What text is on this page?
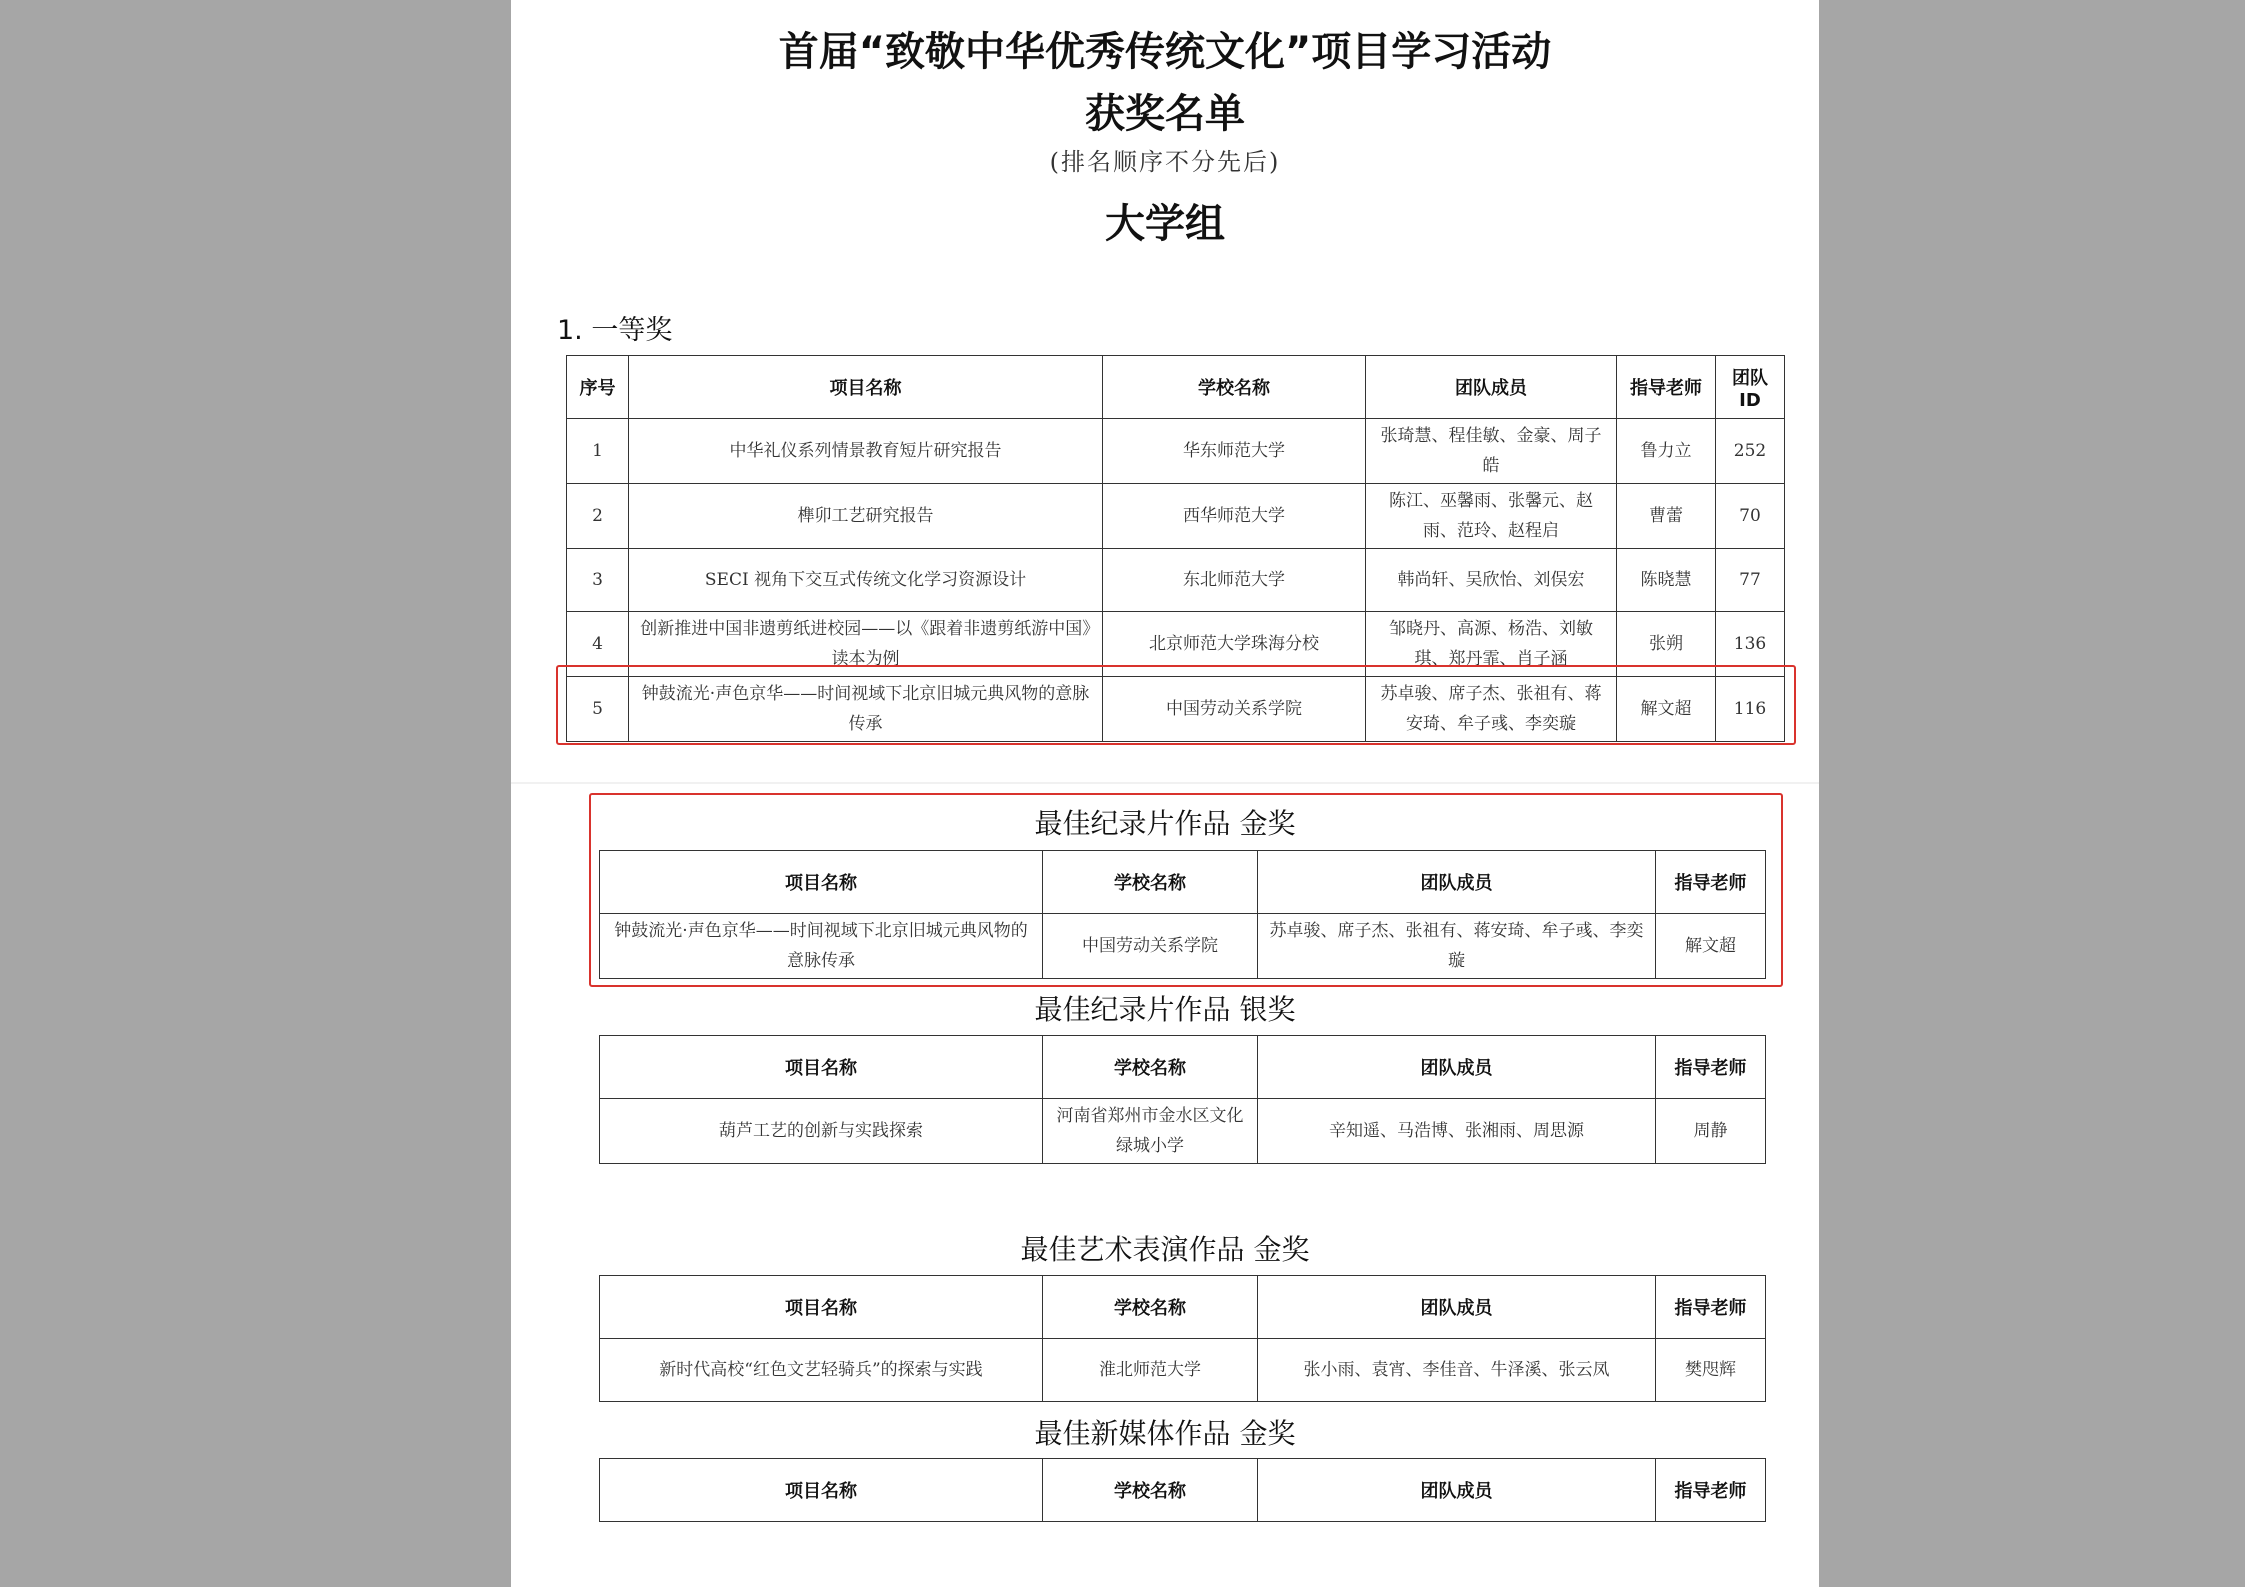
首届“致敬中华优秀传统文化”项目学习活动
获奖名单
(排名顺序不分先后)
大学组
1. 一等奖
序号	项目名称	学校名称	团队成员	指导老师	团队ID
1	中华礼仪系列情景教育短片研究报告	华东师范大学	张琦慧、程佳敏、金豪、周子皓	鲁力立	252
2	榫卯工艺研究报告	西华师范大学	陈江、巫馨雨、张馨元、赵雨、范玲、赵程启	曹蕾	70
3	SECI 视角下交互式传统文化学习资源设计	东北师范大学	韩尚轩、吴欣怡、刘俣宏	陈晓慧	77
4	创新推进中国非遗剪纸进校园——以《跟着非遗剪纸游中国》读本为例	北京师范大学珠海分校	邹晓丹、高源、杨浩、刘敏琪、郑丹霏、肖子涵	张朔	136
5	钟鼓流光·声色京华——时间视域下北京旧城元典风物的意脉传承	中国劳动关系学院	苏卓骏、席子杰、张祖有、蒋安琦、牟子彧、李奕璇	解文超	116
最佳纪录片作品 金奖
项目名称	学校名称	团队成员	指导老师
钟鼓流光·声色京华——时间视域下北京旧城元典风物的意脉传承	中国劳动关系学院	苏卓骏、席子杰、张祖有、蒋安琦、牟子彧、李奕璇	解文超
最佳纪录片作品 银奖
项目名称	学校名称	团队成员	指导老师
葫芦工艺的创新与实践探索	河南省郑州市金水区文化绿城小学	辛知遥、马浩博、张湘雨、周思源	周静
最佳艺术表演作品 金奖
项目名称	学校名称	团队成员	指导老师
新时代高校“红色文艺轻骑兵”的探索与实践	淮北师范大学	张小雨、袁宵、李佳音、牛泽溪、张云凤	樊咫辉
最佳新媒体作品 金奖
项目名称	学校名称	团队成员	指导老师
